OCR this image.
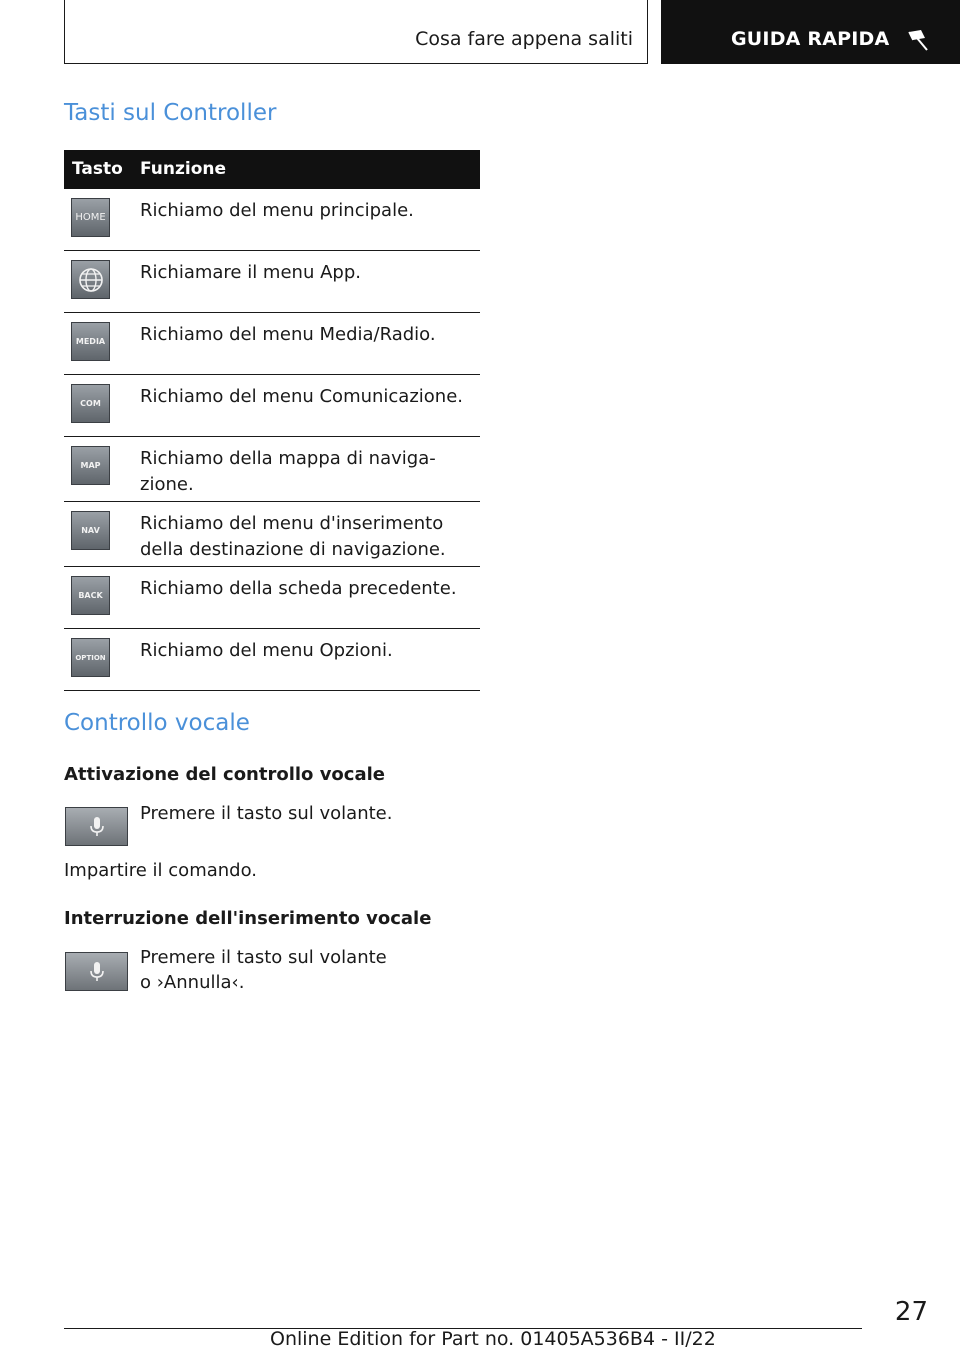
Cosa fare appena saliti	GUIDA RAPIDA
Tasti sul Controller
Tasto Funzione
HOME Richiamo del menu principale.
Richiamare il menu App.
MEDIA Richiamo del menu Media/Radio.
COM	Richiamo del menu Comunicazione.
MAP	Richiamo della mappa di naviga-
zione.
NAV	Richiamo del menu d'inserimento della destinazione di navigazione.
BACK	Richiamo della scheda precedente.
OPTION Richiamo del menu Opzioni.
Controllo vocale
Attivazione del controllo vocale
Premere il tasto sul volante.
Impartire il comando.
Interruzione dell'inserimento vocale
Premere il tasto sul volante
o ›Annulla‹.
27
Online Edition for Part no. 01405A536B4 - II/22
